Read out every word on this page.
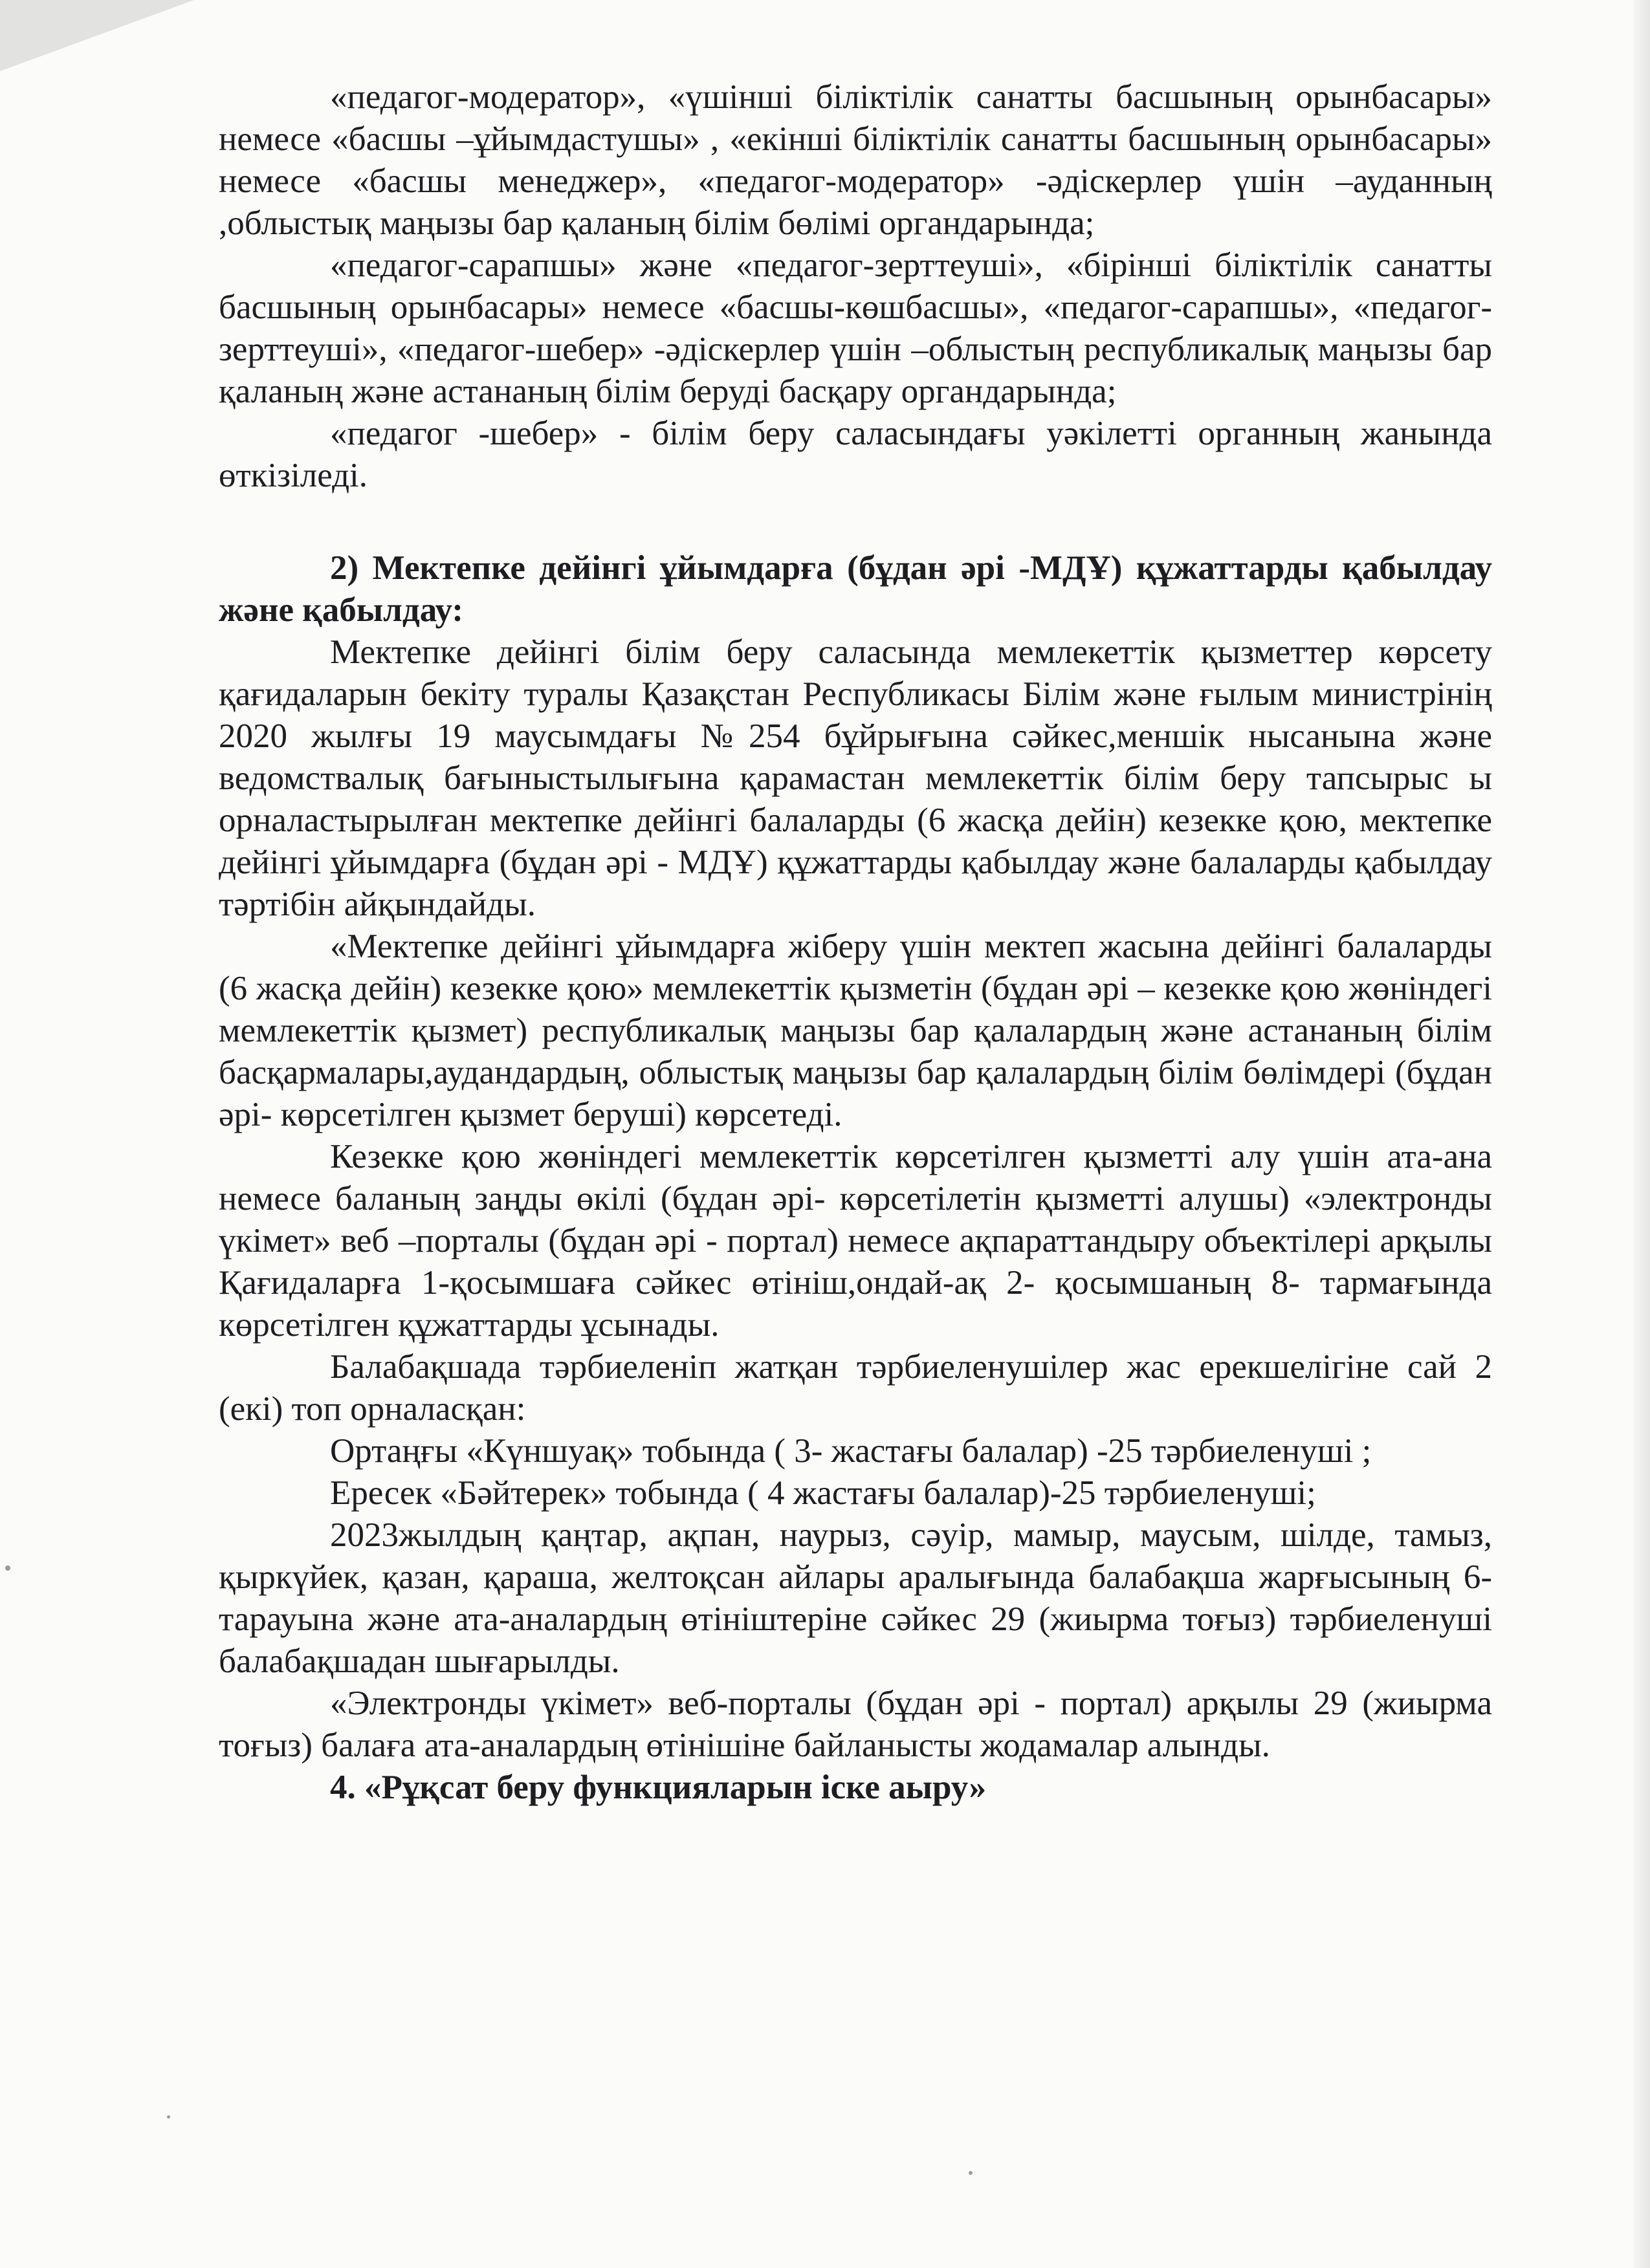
«педагог-модератор», «үшінші біліктілік санатты басшының орынбасары» немесе «басшы –ұйымдастушы» , «екінші біліктілік санатты басшының орынбасары» немесе «басшы менеджер», «педагог-модератор» -әдіскерлер үшін –ауданның ,облыстық маңызы бар қаланың білім бөлімі органдарында;

«педагог-сарапшы» және «педагог-зерттеуші», «бірінші біліктілік санатты басшының орынбасары» немесе «басшы-көшбасшы», «педагог-сарапшы», «педагог-зерттеуші», «педагог-шебер» -әдіскерлер үшін –облыстың республикалық маңызы бар қаланың және астананың білім беруді басқару органдарында;

«педагог -шебер» - білім беру саласындағы уәкілетті органның жанында өткізіледі.

2) Мектепке дейінгі ұйымдарға (бұдан әрі -МДҰ) құжаттарды қабылдау және қабылдау:

Мектепке дейінгі білім беру саласында мемлекеттік қызметтер көрсету қағидаларын бекіту туралы Қазақстан Республикасы Білім және ғылым министрінің 2020 жылғы 19 маусымдағы №254 бұйрығына сәйкес,меншік нысанына және ведомствалық бағыныстылығына қарамастан мемлекеттік білім беру тапсырыс ы орналастырылған мектепке дейінгі балаларды (6 жасқа дейін) кезекке қою, мектепке дейінгі ұйымдарға (бұдан әрі - МДҰ) құжаттарды қабылдау және балаларды қабылдау тәртібін айқындайды.

«Мектепке дейінгі ұйымдарға жіберу үшін мектеп жасына дейінгі балаларды (6 жасқа дейін) кезекке қою» мемлекеттік қызметін (бұдан әрі – кезекке қою жөніндегі мемлекеттік қызмет) республикалық маңызы бар қалалардың және астананың білім басқармалары,аудандардың, облыстық маңызы бар қалалардың білім бөлімдері (бұдан әрі- көрсетілген қызмет беруші) көрсетеді.

Кезекке қою жөніндегі мемлекеттік көрсетілген қызметті алу үшін ата-ана немесе баланың заңды өкілі (бұдан әрі- көрсетілетін қызметті алушы) «электронды үкімет» веб –порталы (бұдан әрі - портал) немесе ақпараттандыру объектілері арқылы Қағидаларға 1-қосымшаға сәйкес өтініш,ондай-ақ 2- қосымшаның 8- тармағында көрсетілген құжаттарды ұсынады.

Балабақшада тәрбиеленіп жатқан тәрбиеленушілер жас ерекшелігіне сай 2 (екі) топ орналасқан:

Ортаңғы «Күншуақ» тобында ( 3- жастағы балалар) -25 тәрбиеленуші ;

Ересек «Бәйтерек» тобында ( 4 жастағы балалар)-25 тәрбиеленуші;

2023жылдың қаңтар, ақпан, наурыз, сәуір, мамыр, маусым, шілде, тамыз, қыркүйек, қазан, қараша, желтоқсан айлары аралығында балабақша жарғысының 6- тарауына және ата-аналардың өтініштеріне сәйкес 29 (жиырма тоғыз) тәрбиеленуші балабақшадан шығарылды.

«Электронды үкімет» веб-порталы (бұдан әрі - портал) арқылы 29 (жиырма тоғыз) балаға ата-аналардың өтінішіне байланысты жодамалар алынды.

4. «Рұқсат беру функцияларын іске аыру»
